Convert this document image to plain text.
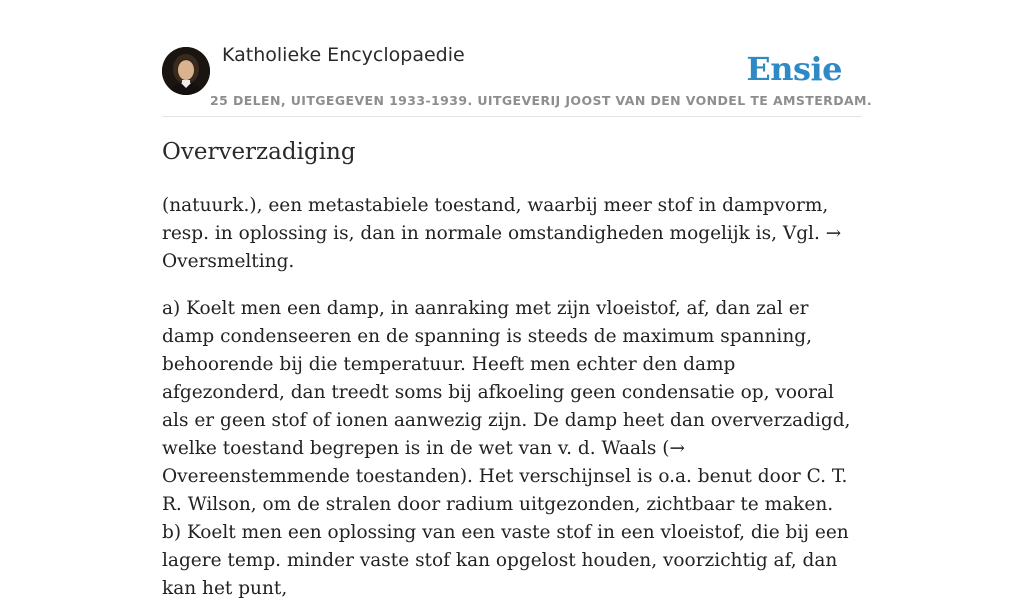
Katholieke Encyclopaedie
25 DELEN, UITGEGEVEN 1933-1939. UITGEVERIJ JOOST VAN DEN VONDEL TE AMSTERDAM.
Ensie
Oververzadiging

(natuurk.), een metastabiele toestand, waarbij meer stof in dampvorm, resp. in oplossing is, dan in normale omstandigheden mogelijk is, Vgl. → Oversmelting.

a) Koelt men een damp, in aanraking met zijn vloeistof, af, dan zal er damp condenseeren en de spanning is steeds de maximum spanning, behoorende bij die temperatuur. Heeft men echter den damp afgezonderd, dan treedt soms bij afkoeling geen condensatie op, vooral als er geen stof of ionen aanwezig zijn. De damp heet dan oververzadigd, welke toestand begrepen is in de wet van v. d. Waals (→ Overeenstemmende toestanden). Het verschijnsel is o.a. benut door C. T. R. Wilson, om de stralen door radium uitgezonden, zichtbaar te maken.

b) Koelt men een oplossing van een vaste stof in een vloeistof, die bij een lagere temp. minder vaste stof kan opgelost houden, voorzichtig af, dan kan het punt,
